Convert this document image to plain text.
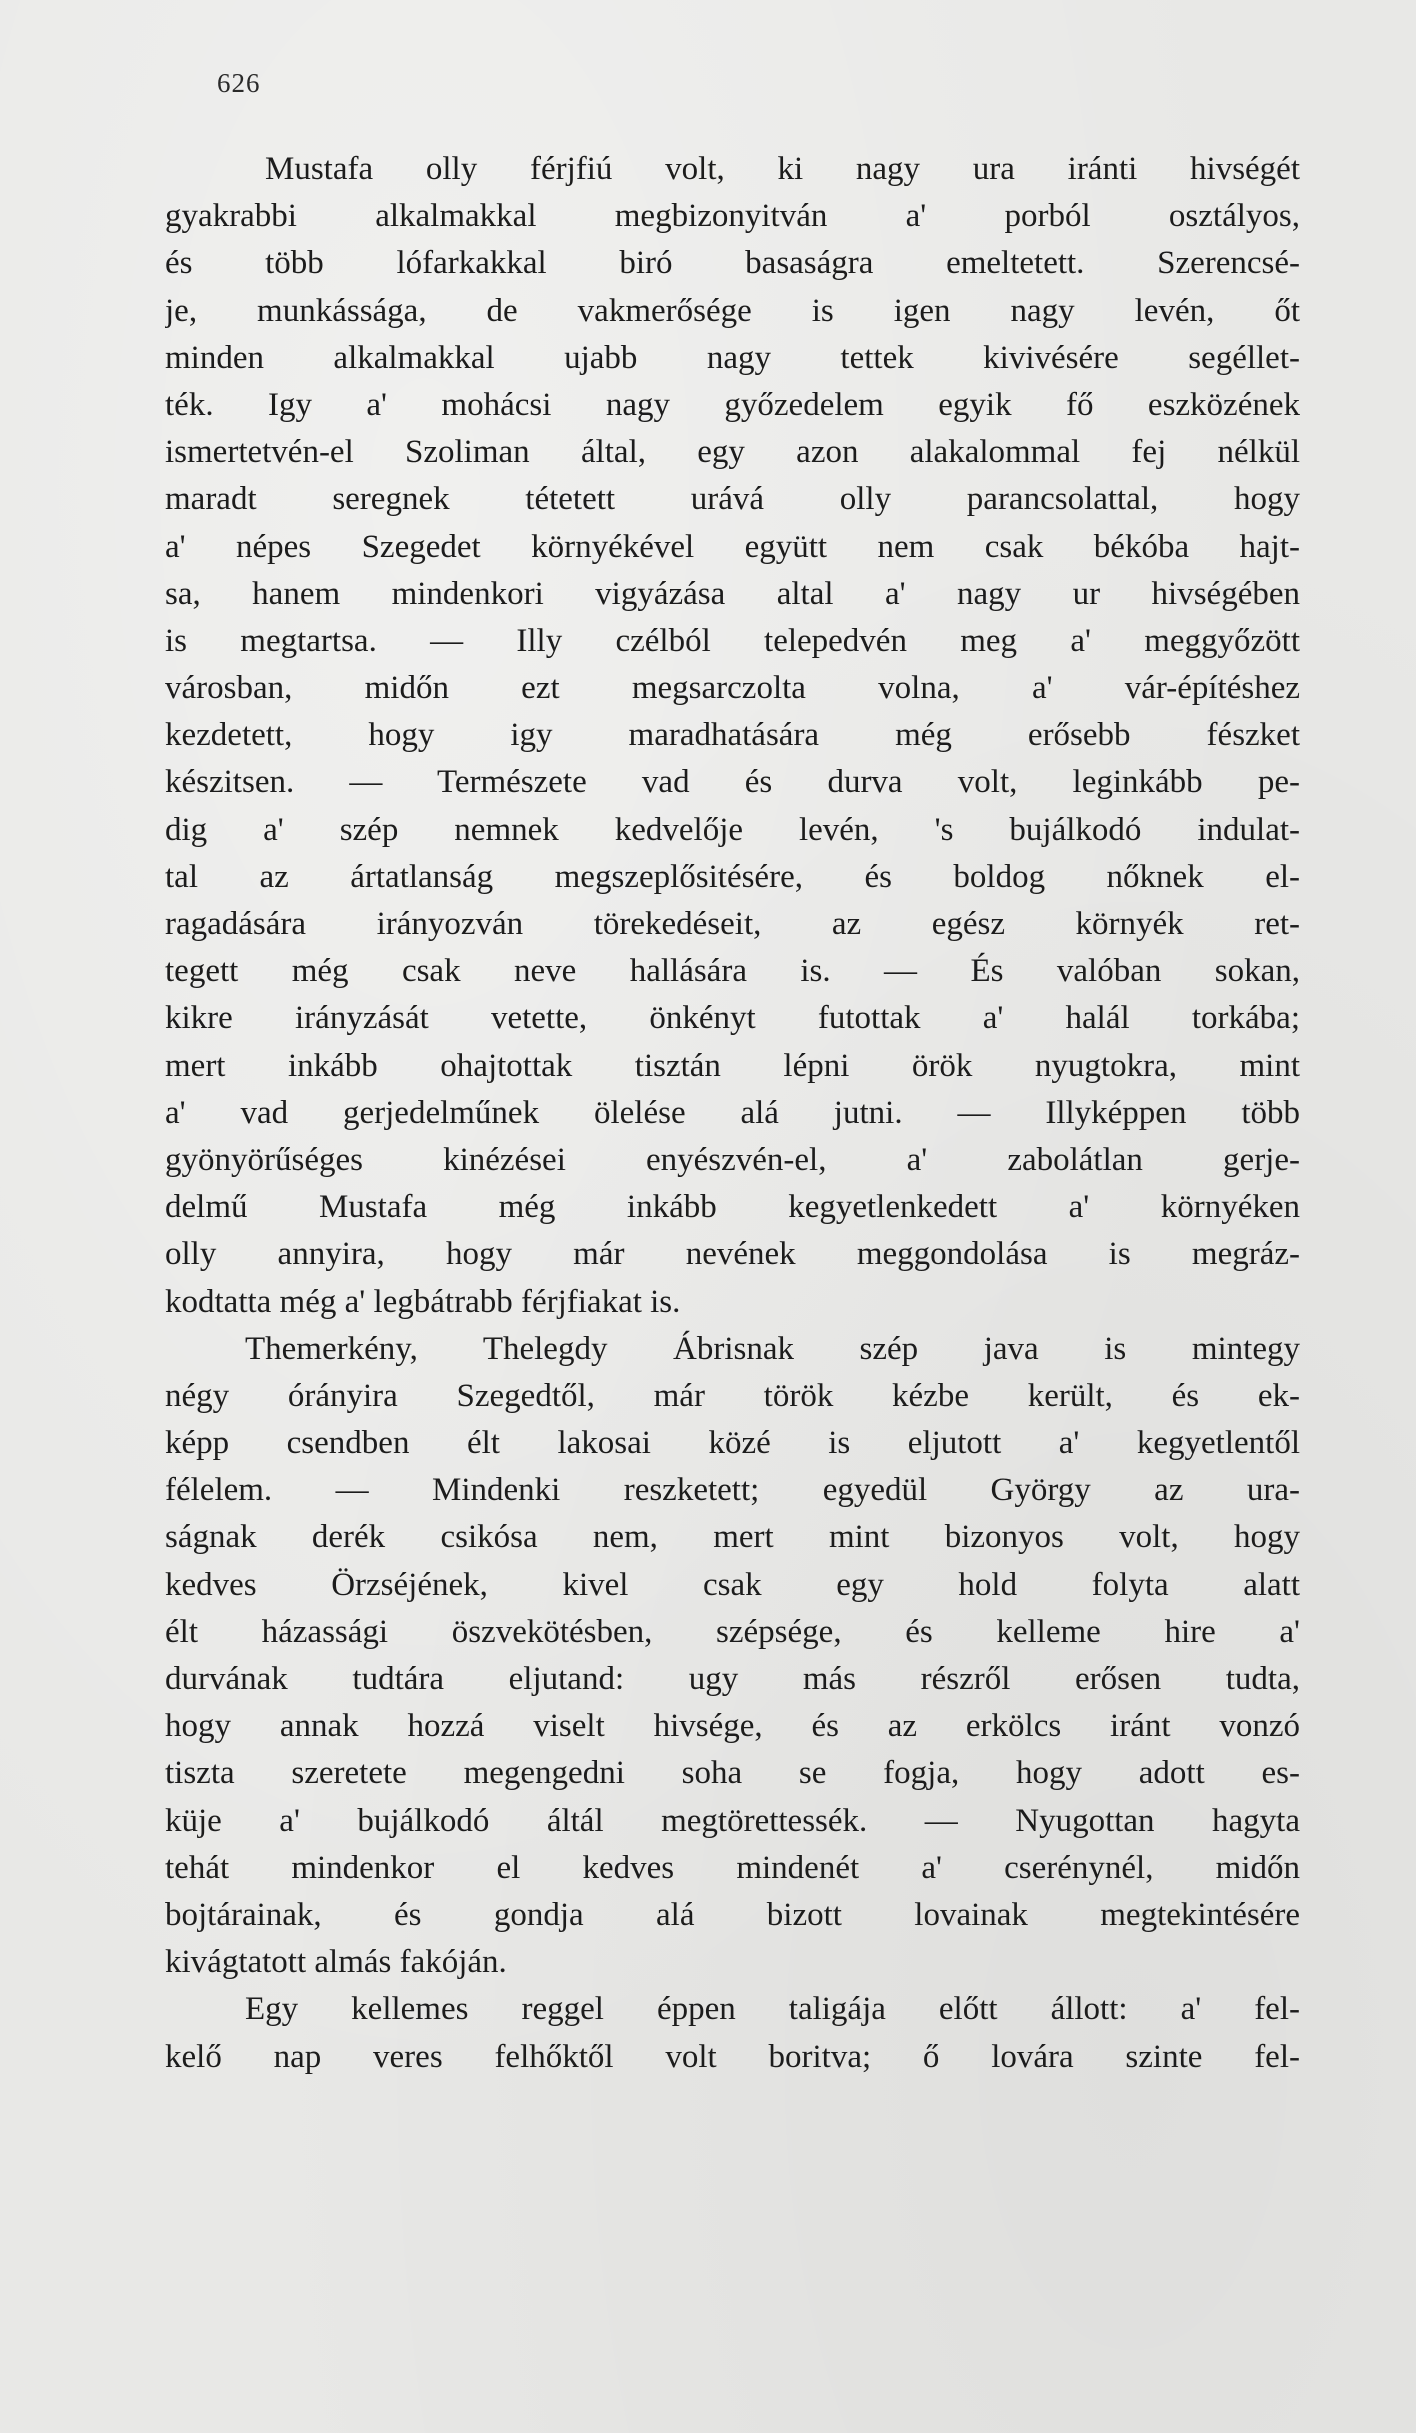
626
Mustafa olly férjfiú volt, ki nagy ura iránti hivségét
gyakrabbi alkalmakkal megbizonyitván a' porból osztályos,
és több lófarkakkal biró basaságra emeltetett. Szerencsé-
je, munkássága, de vakmerősége is igen nagy levén, őt
minden alkalmakkal ujabb nagy tettek kivivésére segéllet-
ték. Igy a' mohácsi nagy győzedelem egyik fő eszközének
ismertetvén-el Szoliman által, egy azon alakalommal fej nélkül
maradt seregnek tétetett urává olly parancsolattal, hogy
a' népes Szegedet környékével együtt nem csak békóba hajt-
sa, hanem mindenkori vigyázása altal a' nagy ur hivségében
is megtartsa. — Illy czélból telepedvén meg a' meggyőzött
városban, midőn ezt megsarczolta volna, a' vár-építéshez
kezdetett, hogy igy maradhatására még erősebb fészket
készitsen. — Természete vad és durva volt, leginkább pe-
dig a' szép nemnek kedvelője levén, 's bujálkodó indulat-
tal az ártatlanság megszeplősitésére, és boldog nőknek el-
ragadására irányozván törekedéseit, az egész környék ret-
tegett még csak neve hallására is. — És valóban sokan,
kikre irányzását vetette, önkényt futottak a' halál torkába;
mert inkább ohajtottak tisztán lépni örök nyugtokra, mint
a' vad gerjedelműnek ölelése alá jutni. — Illyképpen több
gyönyörűséges kinézései enyészvén-el, a' zabolátlan gerje-
delmű Mustafa még inkább kegyetlenkedett a' környéken
olly annyira, hogy már nevének meggondolása is megráz-
kodtatta még a' legbátrabb férjfiakat is.
Themerkény, Thelegdy Ábrisnak szép java is mintegy
négy órányira Szegedtől, már török kézbe került, és ek-
képp csendben élt lakosai közé is eljutott a' kegyetlentől
félelem. — Mindenki reszketett; egyedül György az ura-
ságnak derék csikósa nem, mert mint bizonyos volt, hogy
kedves Örzséjének, kivel csak egy hold folyta alatt
élt házassági öszvekötésben, szépsége, és kelleme hire a'
durvának tudtára eljutand: ugy más részről erősen tudta,
hogy annak hozzá viselt hivsége, és az erkölcs iránt vonzó
tiszta szeretete megengedni soha se fogja, hogy adott es-
küje a' bujálkodó áltál megtörettessék. — Nyugottan hagyta
tehát mindenkor el kedves mindenét a' cserénynél, midőn
bojtárainak, és gondja alá bizott lovainak megtekintésére
kivágtatott almás fakóján.
Egy kellemes reggel éppen taligája előtt állott: a' fel-
kelő nap veres felhőktől volt boritva; ő lovára szinte fel-
